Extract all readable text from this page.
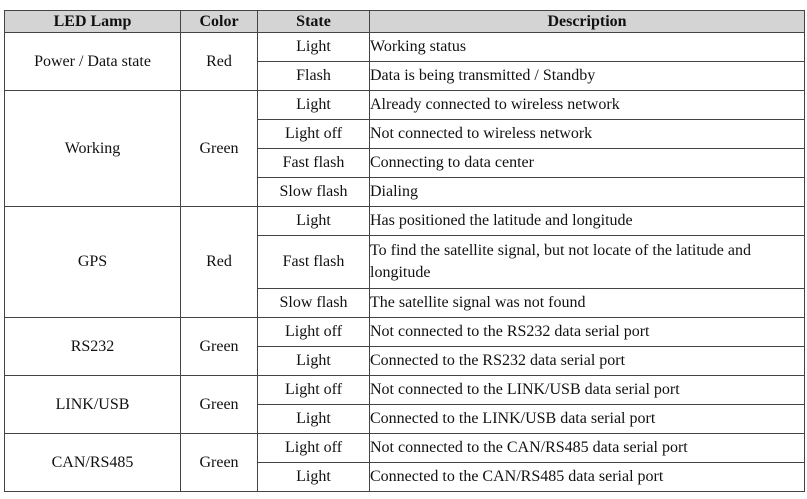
LED Lamp	Color	State	Description
Power / Data state	Red	Light	Working status
		Flash	Data is being transmitted / Standby
Working	Green	Light	Already connected to wireless network
		Light off	Not connected to wireless network
		Fast flash	Connecting to data center
		Slow flash	Dialing
GPS	Red	Light	Has positioned the latitude and longitude
		Fast flash	To find the satellite signal, but not locate of the latitude and longitude
		Slow flash	The satellite signal was not found
RS232	Green	Light off	Not connected to the RS232 data serial port
		Light	Connected to the RS232 data serial port
LINK/USB	Green	Light off	Not connected to the LINK/USB data serial port
		Light	Connected to the LINK/USB data serial port
CAN/RS485	Green	Light off	Not connected to the CAN/RS485 data serial port
		Light	Connected to the CAN/RS485 data serial port
